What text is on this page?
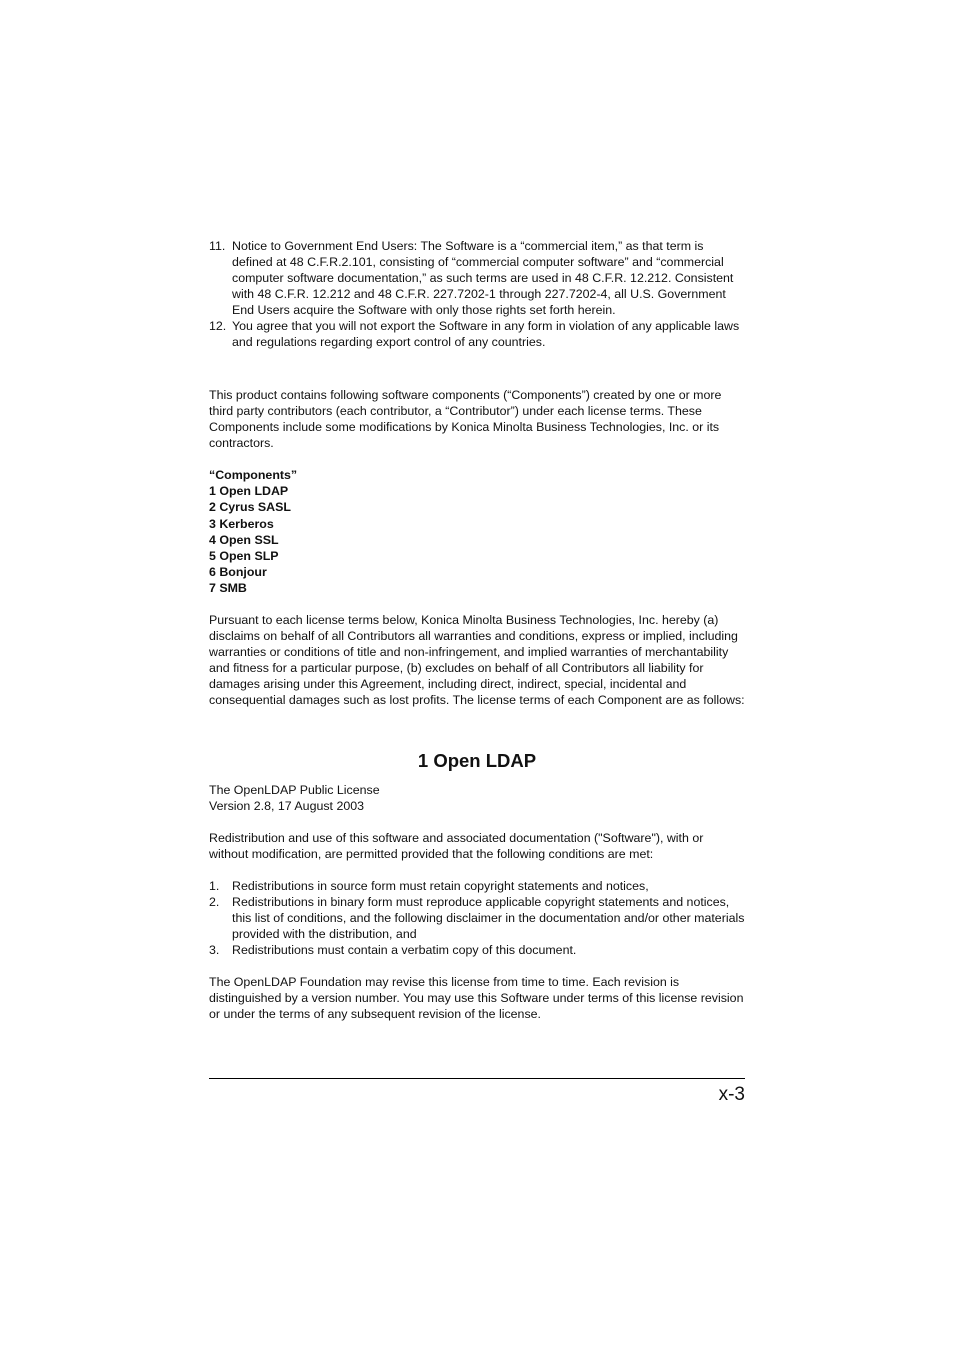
11. Notice to Government End Users: The Software is a “commercial item,” as that term is defined at 48 C.F.R.2.101, consisting of “commercial computer software” and “commercial computer software documentation,” as such terms are used in 48 C.F.R. 12.212. Consistent with 48 C.F.R. 12.212 and 48 C.F.R. 227.7202-1 through 227.7202-4, all U.S. Government End Users acquire the Software with only those rights set forth herein.
12. You agree that you will not export the Software in any form in violation of any applicable laws and regulations regarding export control of any countries.
This product contains following software components (“Components”) created by one or more third party contributors (each contributor, a “Contributor”) under each license terms. These Components include some modifications by Konica Minolta Business Technologies, Inc. or its contractors.
“Components”
1 Open LDAP
2 Cyrus SASL
3 Kerberos
4 Open SSL
5 Open SLP
6 Bonjour
7 SMB
Pursuant to each license terms below, Konica Minolta Business Technologies, Inc. hereby (a) disclaims on behalf of all Contributors all warranties and conditions, express or implied, including warranties or conditions of title and non-infringement, and implied warranties of merchantability and fitness for a particular purpose, (b) excludes on behalf of all Contributors all liability for damages arising under this Agreement, including direct, indirect, special, incidental and consequential damages such as lost profits. The license terms of each Component are as follows:
1 Open LDAP
The OpenLDAP Public License
Version 2.8, 17 August 2003
Redistribution and use of this software and associated documentation ("Software"), with or without modification, are permitted provided that the following conditions are met:
1.	Redistributions in source form must retain copyright statements and notices,
2.	Redistributions in binary form must reproduce applicable copyright statements and notices, this list of conditions, and the following disclaimer in the documentation and/or other materials provided with the distribution, and
3.	Redistributions must contain a verbatim copy of this document.
The OpenLDAP Foundation may revise this license from time to time. Each revision is distinguished by a version number. You may use this Software under terms of this license revision or under the terms of any subsequent revision of the license.
x-3
